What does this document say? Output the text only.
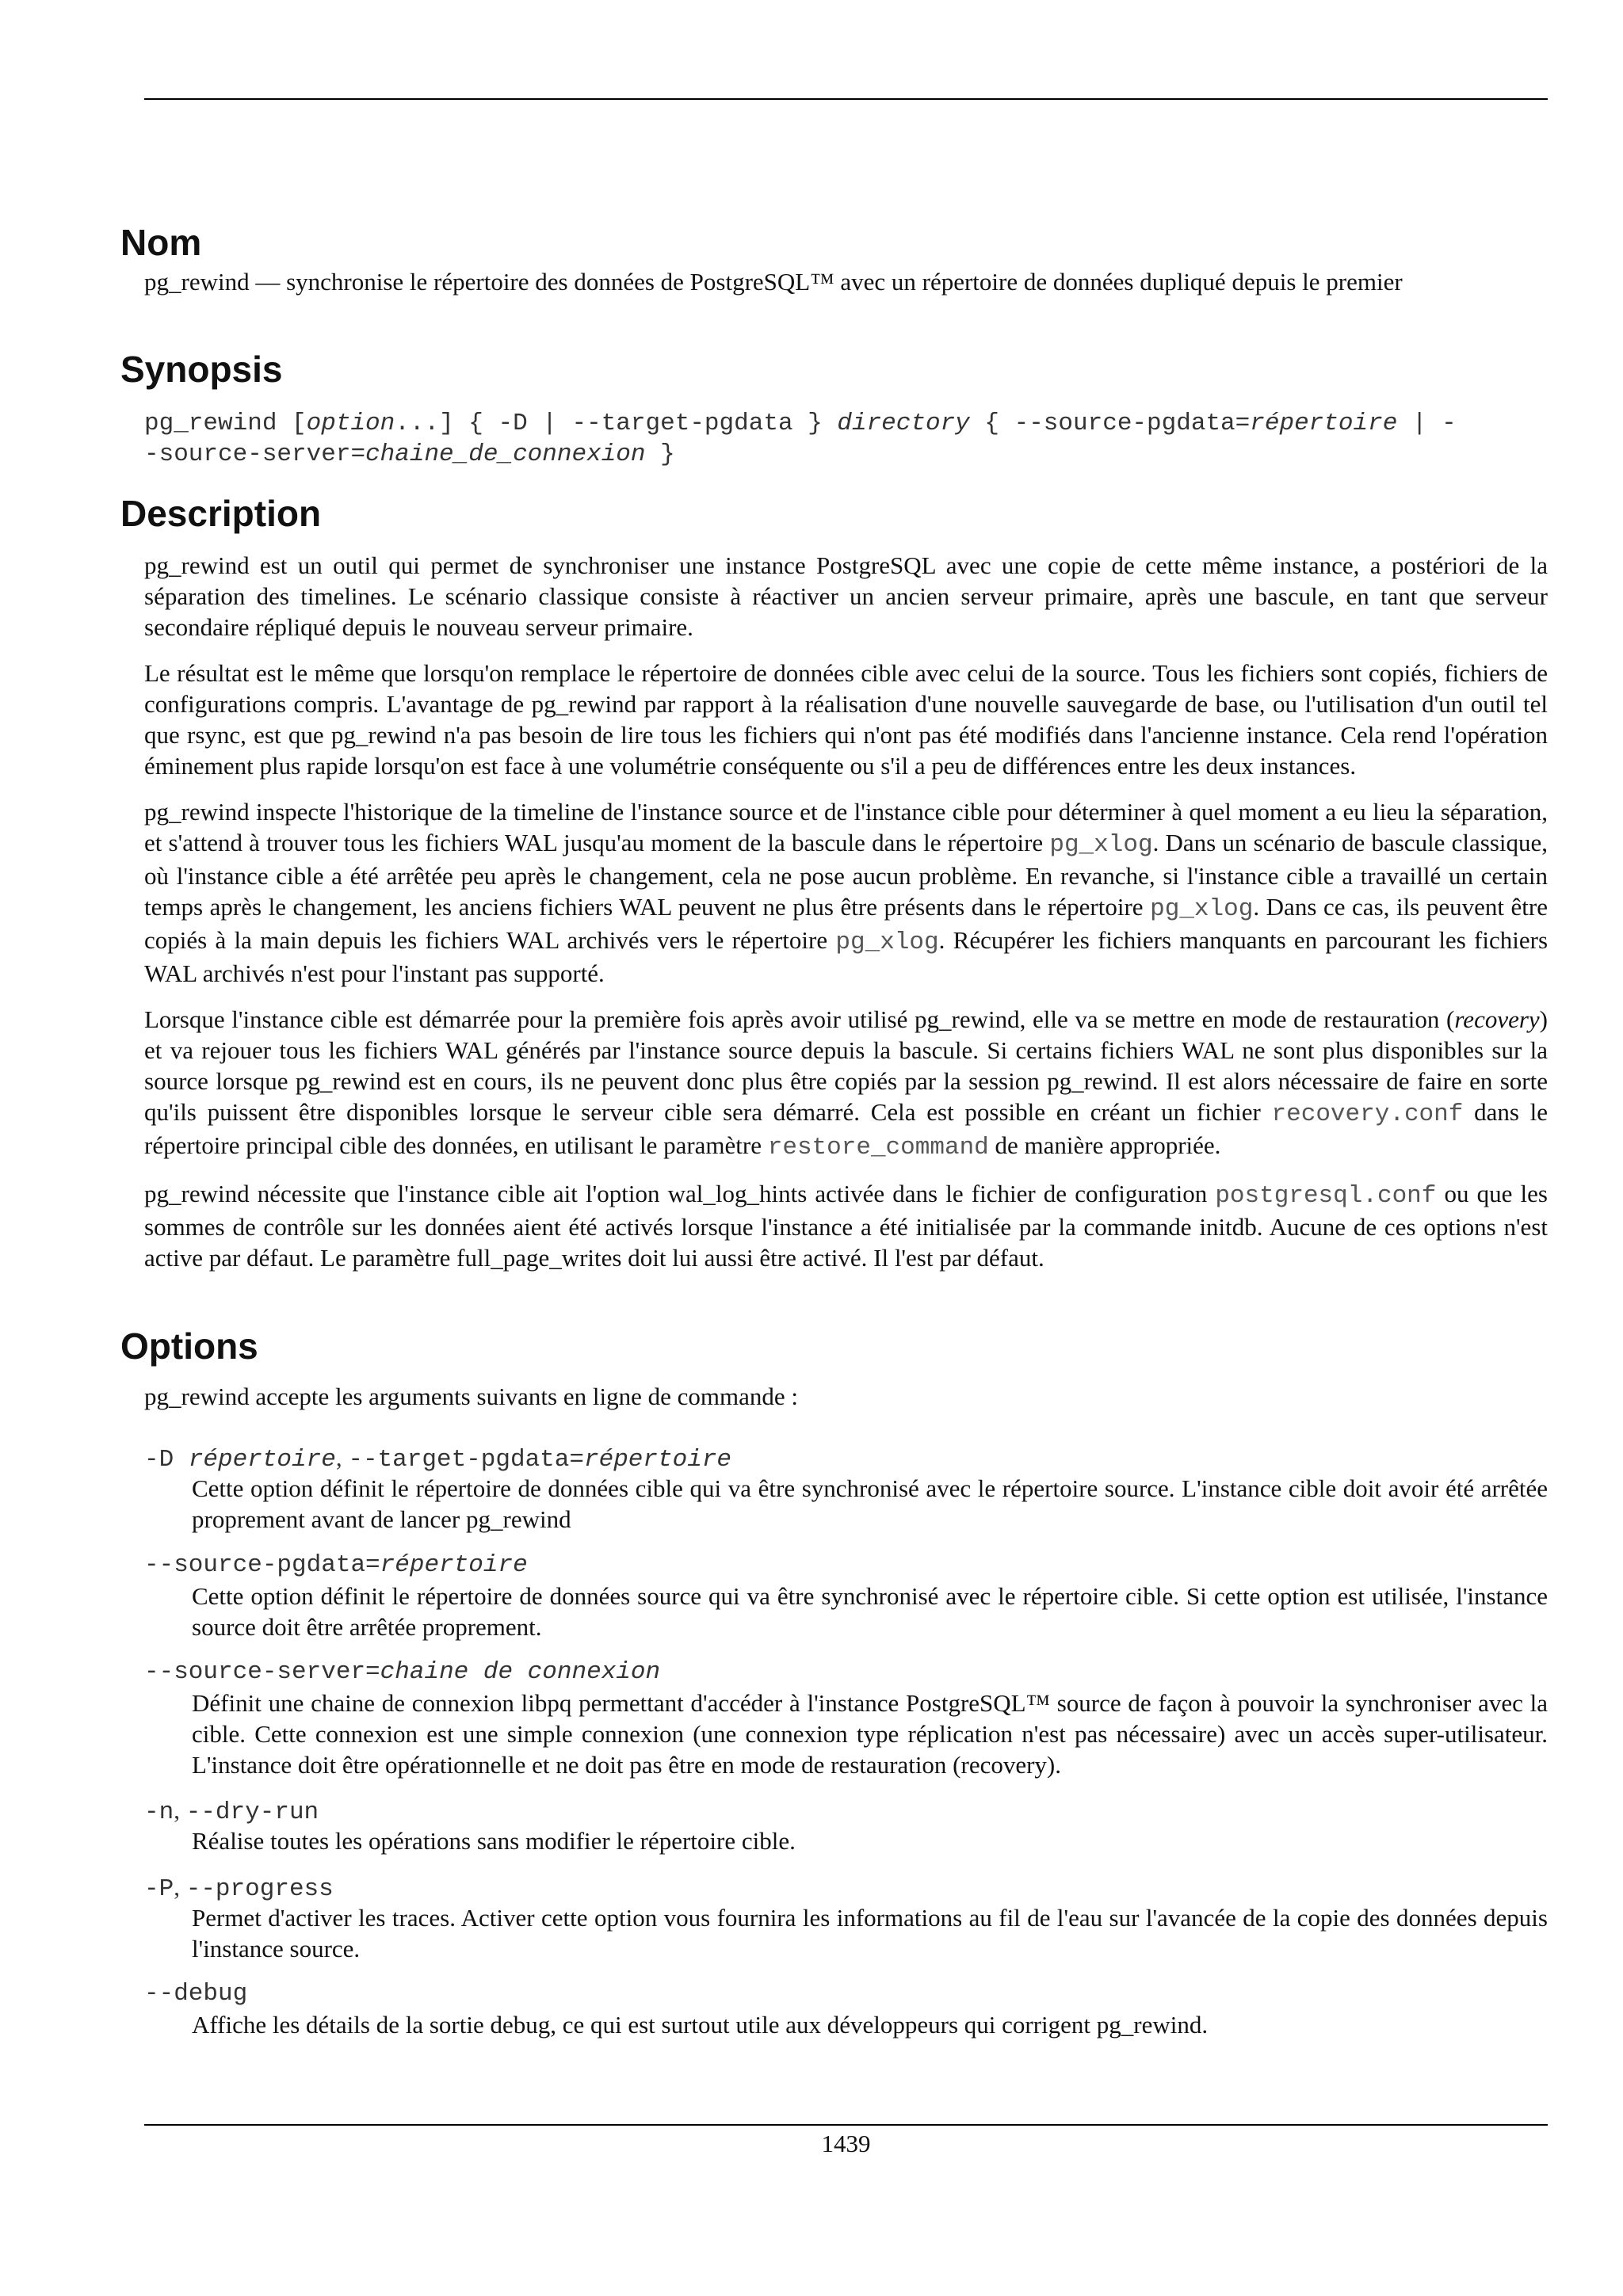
Nom
pg_rewind — synchronise le répertoire des données de PostgreSQL™ avec un répertoire de données dupliqué depuis le premier
Synopsis
pg_rewind [option...] { -D | --target-pgdata } directory { --source-pgdata=répertoire | -
-source-server=chaine_de_connexion }
Description

pg_rewind est un outil qui permet de synchroniser une instance PostgreSQL avec une copie de cette même instance, a postériori de la séparation des timelines. Le scénario classique consiste à réactiver un ancien serveur primaire, après une bascule, en tant que serveur secondaire répliqué depuis le nouveau serveur primaire.

Le résultat est le même que lorsqu'on remplace le répertoire de données cible avec celui de la source. Tous les fichiers sont copiés, fichiers de configurations compris. L'avantage de pg_rewind par rapport à la réalisation d'une nouvelle sauvegarde de base, ou l'utilisation d'un outil tel que rsync, est que pg_rewind n'a pas besoin de lire tous les fichiers qui n'ont pas été modifiés dans l'ancienne instance. Cela rend l'opération éminement plus rapide lorsqu'on est face à une volumétrie conséquente ou s'il a peu de différences entre les deux instances.

pg_rewind inspecte l'historique de la timeline de l'instance source et de l'instance cible pour déterminer à quel moment a eu lieu la séparation, et s'attend à trouver tous les fichiers WAL jusqu'au moment de la bascule dans le répertoire pg_xlog. Dans un scénario de bascule classique, où l'instance cible a été arrêtée peu après le changement, cela ne pose aucun problème. En revanche, si l'instance cible a travaillé un certain temps après le changement, les anciens fichiers WAL peuvent ne plus être présents dans le répertoire pg_xlog. Dans ce cas, ils peuvent être copiés à la main depuis les fichiers WAL archivés vers le répertoire pg_xlog. Récupérer les fichiers manquants en parcourant les fichiers WAL archivés n'est pour l'instant pas supporté.

Lorsque l'instance cible est démarrée pour la première fois après avoir utilisé pg_rewind, elle va se mettre en mode de restauration (recovery) et va rejouer tous les fichiers WAL générés par l'instance source depuis la bascule. Si certains fichiers WAL ne sont plus disponibles sur la source lorsque pg_rewind est en cours, ils ne peuvent donc plus être copiés par la session pg_rewind. Il est alors nécessaire de faire en sorte qu'ils puissent être disponibles lorsque le serveur cible sera démarré. Cela est possible en créant un fichier recovery.conf dans le répertoire principal cible des données, en utilisant le paramètre restore_command de manière appropriée.

pg_rewind nécessite que l'instance cible ait l'option wal_log_hints activée dans le fichier de configuration postgresql.conf ou que les sommes de contrôle sur les données aient été activés lorsque l'instance a été initialisée par la commande initdb. Aucune de ces options n'est active par défaut. Le paramètre full_page_writes doit lui aussi être activé. Il l'est par défaut.

Options
pg_rewind accepte les arguments suivants en ligne de commande :
-D répertoire, --target-pgdata=répertoire

Cette option définit le répertoire de données cible qui va être synchronisé avec le répertoire source. L'instance cible doit avoir été arrêtée proprement avant de lancer pg_rewind

--source-pgdata=répertoire

Cette option définit le répertoire de données source qui va être synchronisé avec le répertoire cible. Si cette option est utilisée, l'instance source doit être arrêtée proprement.

--source-server=chaine de connexion

Définit une chaine de connexion libpq permettant d'accéder à l'instance PostgreSQL™ source de façon à pouvoir la synchroniser avec la cible. Cette connexion est une simple connexion (une connexion type réplication n'est pas nécessaire) avec un accès super-utilisateur. L'instance doit être opérationnelle et ne doit pas être en mode de restauration (recovery).

-n, --dry-run

Réalise toutes les opérations sans modifier le répertoire cible.

-P, --progress

Permet d'activer les traces. Activer cette option vous fournira les informations au fil de l'eau sur l'avancée de la copie des données depuis l'instance source.

--debug

Affiche les détails de la sortie debug, ce qui est surtout utile aux développeurs qui corrigent pg_rewind.

1439
